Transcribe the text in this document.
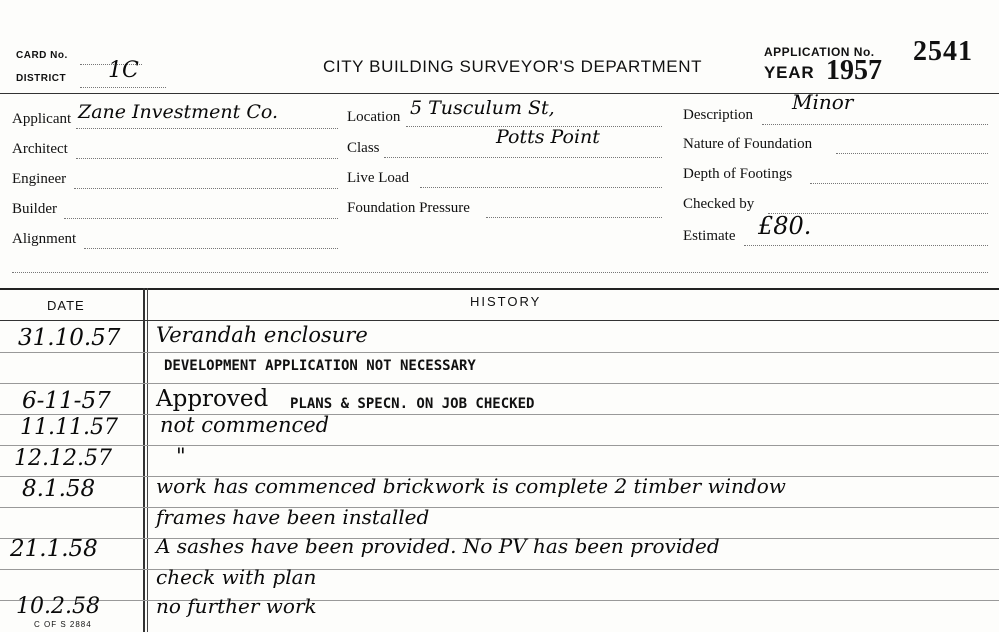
CARD No.
DISTRICT 1C	CITY BUILDING SURVEYOR'S DEPARTMENT
APPLICATION No. 2541
YEAR 1957
Applicant Zane Investment Co.
Architect
Engineer
Builder
Alignment
Location 5 Tusculum St,
Class	Potts Point
Live Load
Foundation Pressure
Description
Minor
Nature of Foundation
Depth of Footings
Checked by
Estimate £80.
DATE	HISTORY
31.10.57 Verandah enclosure
DEVELOPMENT APPLICATION NOT NECESSARY
6-11-57 Approved PLANS & SPECN. ON JOB CHECKED
11.11.57 not commenced
12.12.57	"
8.1.58	work has commenced brickwork is complete 2 timber window
frames have been installed
21.1.58	A sashes have been provided. No PV has been provided
check with plan
10.2.58	no further work
C OF S 2884
